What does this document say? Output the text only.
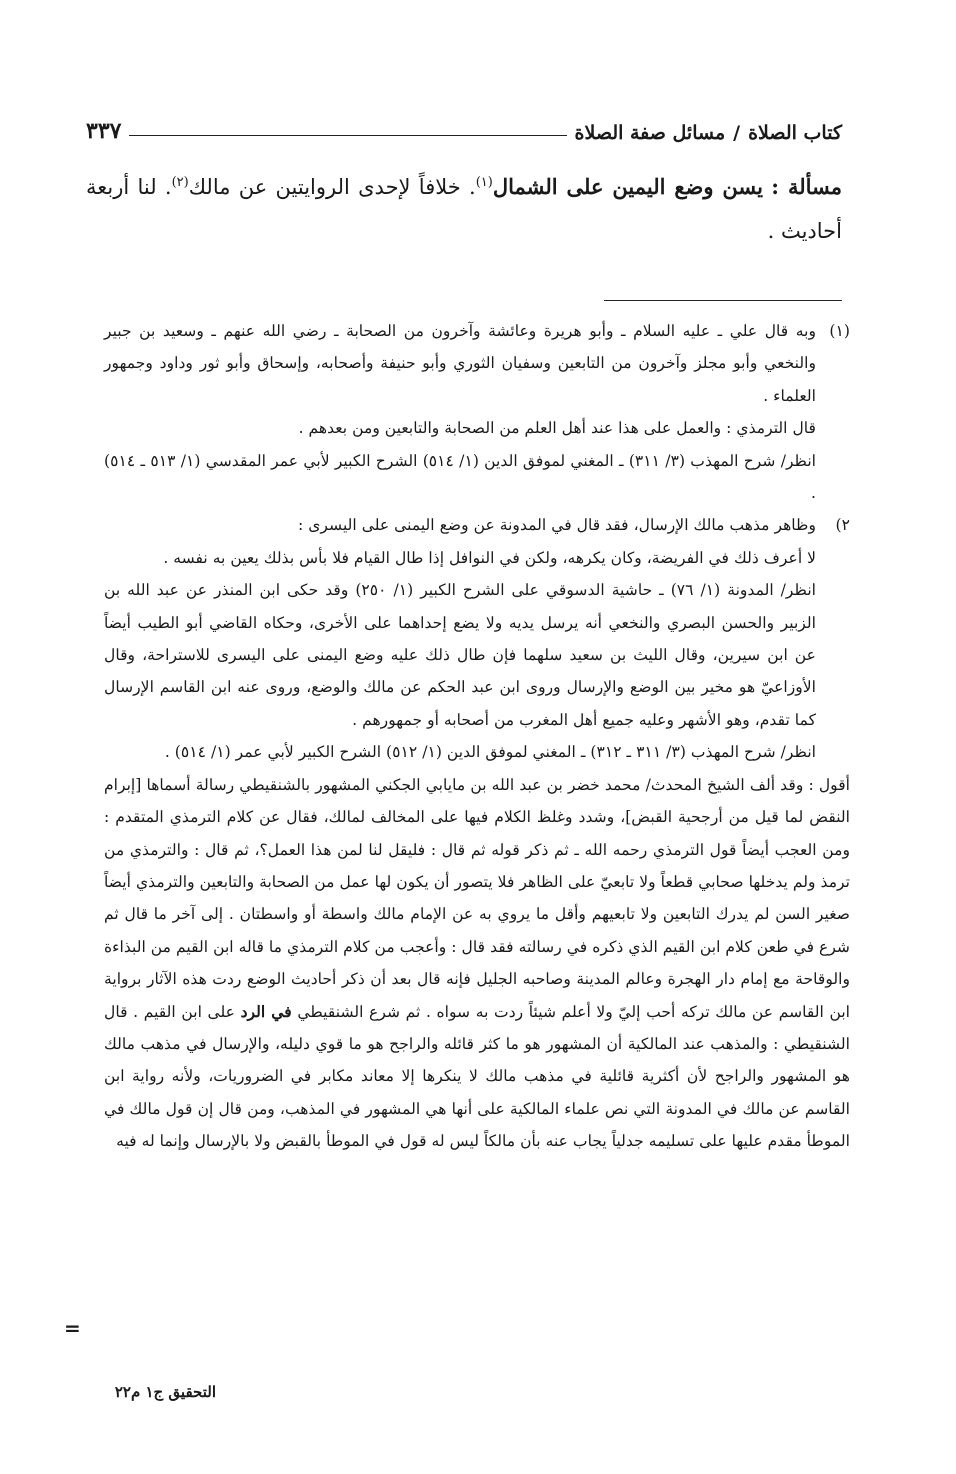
كتاب الصلاة
/
مسائل صفة الصلاة
٣٣٧
مسألة : يسن وضع اليمين على الشمال$^{(١)}$. خلافاً لإحدى الروايتين عن مالك$^{(٢)}$. لنا أربعة أحاديث .
(١)

وبه قال علي ـ عليه السلام ـ وأبو هريرة وعائشة وآخرون من الصحابة ـ رضي الله عنهم ـ وسعيد بن جبير والنخعي وأبو مجلز وآخرون من التابعين وسفيان الثوري وأبو حنيفة وأصحابه، وإسحاق وأبو ثور وداود وجمهور العلماء .

قال الترمذي : والعمل على هذا عند أهل العلم من الصحابة والتابعين ومن بعدهم .

انظر/ شرح المهذب (٣/ ٣١١) ـ المغني لموفق الدين (١/ ٥١٤) الشرح الكبير لأبي عمر المقدسي (١/ ٥١٣ ـ ٥١٤) .

٢)

وظاهر مذهب مالك الإرسال، فقد قال في المدونة عن وضع اليمنى على اليسرى :

لا أعرف ذلك في الفريضة، وكان يكرهه، ولكن في النوافل إذا طال القيام فلا بأس بذلك يعين به نفسه .

انظر/ المدونة (١/ ٧٦) ـ حاشية الدسوقي على الشرح الكبير (١/ ٢٥٠) وقد حكى ابن المنذر عن عبد الله بن الزبير والحسن البصري والنخعي أنه يرسل يديه ولا يضع إحداهما على الأخرى، وحكاه القاضي أبو الطيب أيضاً عن ابن سيرين، وقال الليث بن سعيد سلهما فإن طال ذلك عليه وضع اليمنى على اليسرى للاستراحة، وقال الأوزاعيّ هو مخير بين الوضع والإرسال وروى ابن عبد الحكم عن مالك والوضع، وروى عنه ابن القاسم الإرسال كما تقدم، وهو الأشهر وعليه جميع أهل المغرب من أصحابه أو جمهورهم .

انظر/ شرح المهذب (٣/ ٣١١ ـ ٣١٢) ـ المغني لموفق الدين (١/ ٥١٢) الشرح الكبير لأبي عمر (١/ ٥١٤) .

أقول : وقد ألف الشيخ المحدث/ محمد خضر بن عبد الله بن مايابي الجكني المشهور بالشنقيطي رسالة أسماها [إبرام النقض لما قيل من أرجحية القبض]، وشدد وغلظ الكلام فيها على المخالف لمالك، فقال عن كلام الترمذي المتقدم : ومن العجب أيضاً قول الترمذي رحمه الله ـ ثم ذكر قوله ثم قال : فليقل لنا لمن هذا العمل؟، ثم قال : والترمذي من ترمذ ولم يدخلها صحابي قطعاً ولا تابعيّ على الظاهر فلا يتصور أن يكون لها عمل من الصحابة والتابعين والترمذي أيضاً صغير السن لم يدرك التابعين ولا تابعيهم وأقل ما يروي به عن الإمام مالك واسطة أو واسطتان . إلى آخر ما قال ثم شرع في طعن كلام ابن القيم الذي ذكره في رسالته فقد قال : وأعجب من كلام الترمذي ما قاله ابن القيم من البذاءة والوقاحة مع إمام دار الهجرة وعالم المدينة وصاحبه الجليل فإنه قال بعد أن ذكر أحاديث الوضع ردت هذه الآثار برواية ابن القاسم عن مالك تركه أحب إليّ ولا أعلم شيئاً ردت به سواه . ثم شرع الشنقيطي في الرد على ابن القيم . قال الشنقيطي : والمذهب عند المالكية أن المشهور هو ما كثر قائله والراجح هو ما قوي دليله، والإرسال في مذهب مالك هو المشهور والراجح لأن أكثرية قائلية في مذهب مالك لا ينكرها إلا معاند مكابر في الضروريات، ولأنه رواية ابن القاسم عن مالك في المدونة التي نص علماء المالكية على أنها هي المشهور في المذهب، ومن قال إن قول مالك في الموطأ مقدم عليها على تسليمه جدلياً يجاب عنه بأن مالكاً ليس له قول في الموطأ بالقبض ولا بالإرسال وإنما له فيه

=
التحقيق ج١ م٢٢
